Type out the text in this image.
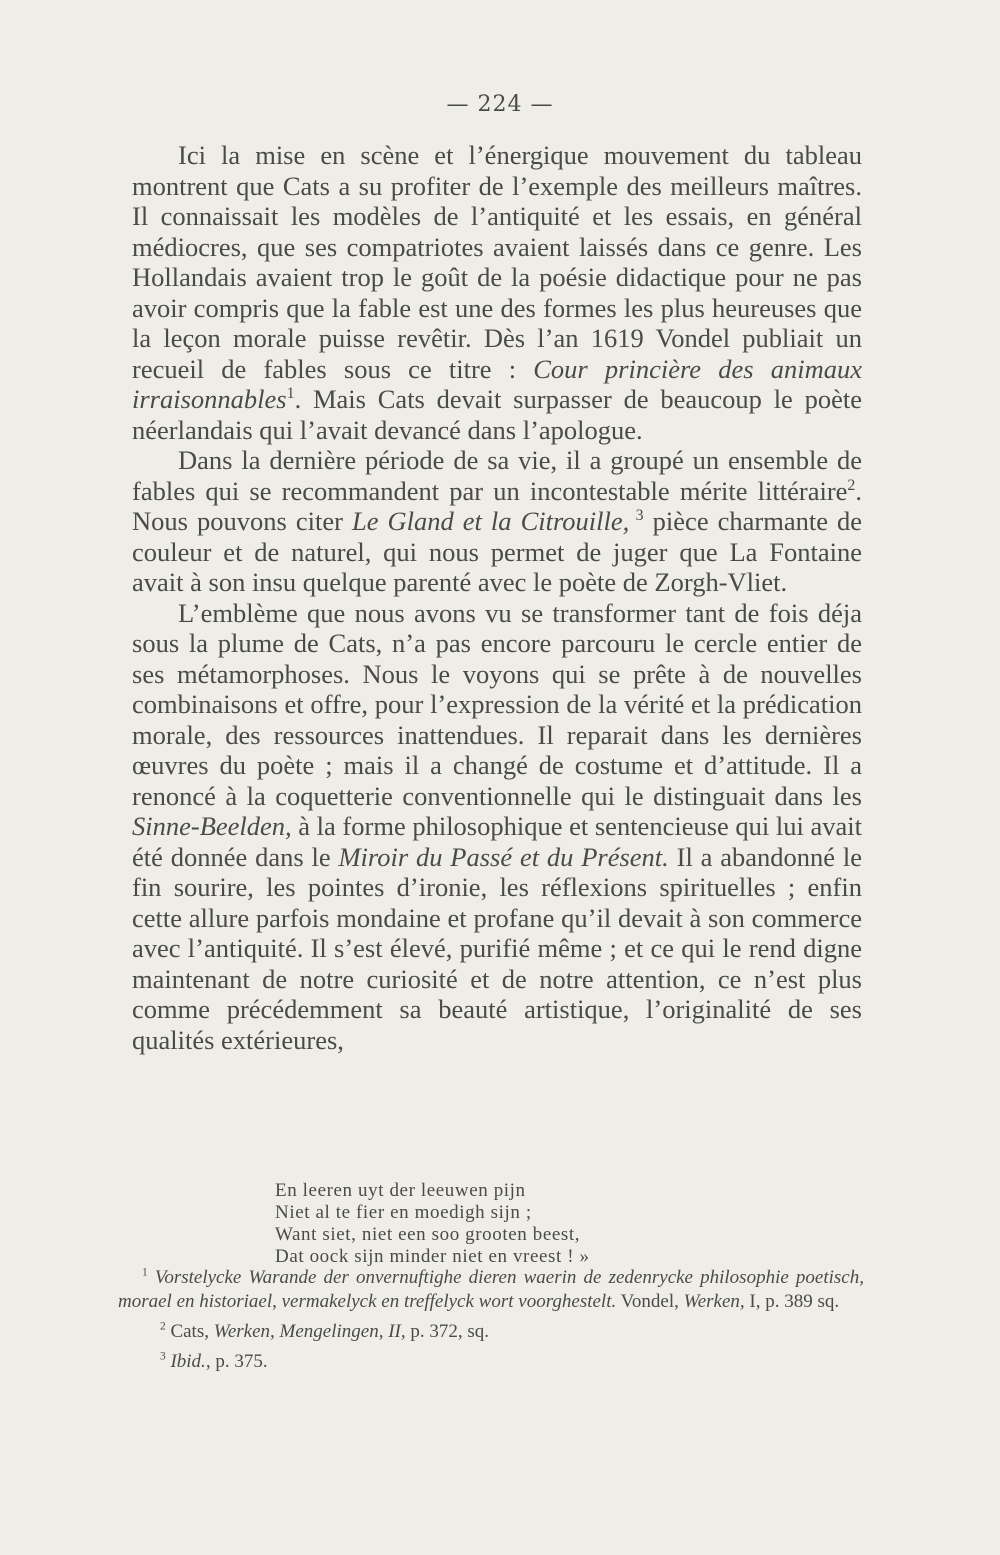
— 224 —

Ici la mise en scène et l’énergique mouvement du tableau montrent que Cats a su profiter de l’exemple des meilleurs maîtres. Il connaissait les modèles de l’antiquité et les essais, en général médiocres, que ses compatriotes avaient laissés dans ce genre. Les Hollandais avaient trop le goût de la poésie didactique pour ne pas avoir compris que la fable est une des formes les plus heureuses que la leçon morale puisse revêtir. Dès l’an 1619 Vondel publiait un recueil de fables sous ce titre : Cour princière des animaux irraisonnables$^1$. Mais Cats devait surpasser de beaucoup le poète néerlandais qui l’avait devancé dans l’apologue.

Dans la dernière période de sa vie, il a groupé un ensemble de fables qui se recommandent par un incontestable mérite littéraire$^2$. Nous pouvons citer Le Gland et la Citrouille, $^3$ pièce charmante de couleur et de naturel, qui nous permet de juger que La Fontaine avait à son insu quelque parenté avec le poète de Zorgh-Vliet.

L’emblème que nous avons vu se transformer tant de fois déja sous la plume de Cats, n’a pas encore parcouru le cercle entier de ses métamorphoses. Nous le voyons qui se prête à de nouvelles combinaisons et offre, pour l’expression de la vérité et la prédication morale, des ressources inattendues. Il reparait dans les dernières œuvres du poète ; mais il a changé de costume et d’attitude. Il a renoncé à la coquetterie conventionnelle qui le distinguait dans les Sinne-Beelden, à la forme philosophique et sentencieuse qui lui avait été donnée dans le Miroir du Passé et du Présent. Il a abandonné le fin sourire, les pointes d’ironie, les réflexions spirituelles ; enfin cette allure parfois mondaine et profane qu’il devait à son commerce avec l’antiquité. Il s’est élevé, purifié même ; et ce qui le rend digne maintenant de notre curiosité et de notre attention, ce n’est plus comme précédemment sa beauté artistique, l’originalité de ses qualités extérieures,

En leeren uyt der leeuwen pijn
Niet al te fier en moedigh sijn ;
Want siet, niet een soo grooten beest,
Dat oock sijn minder niet en vreest ! »
$^1$ Vorstelycke Warande der onvernuftighe dieren waerin de zedenrycke philosophie poetisch, morael en historiael, vermakelyck en treffelyck wort voorghestelt. Vondel, Werken, I, p. 389 sq.
$^2$ Cats, Werken, Mengelingen, II, p. 372, sq.
$^3$ Ibid., p. 375.
